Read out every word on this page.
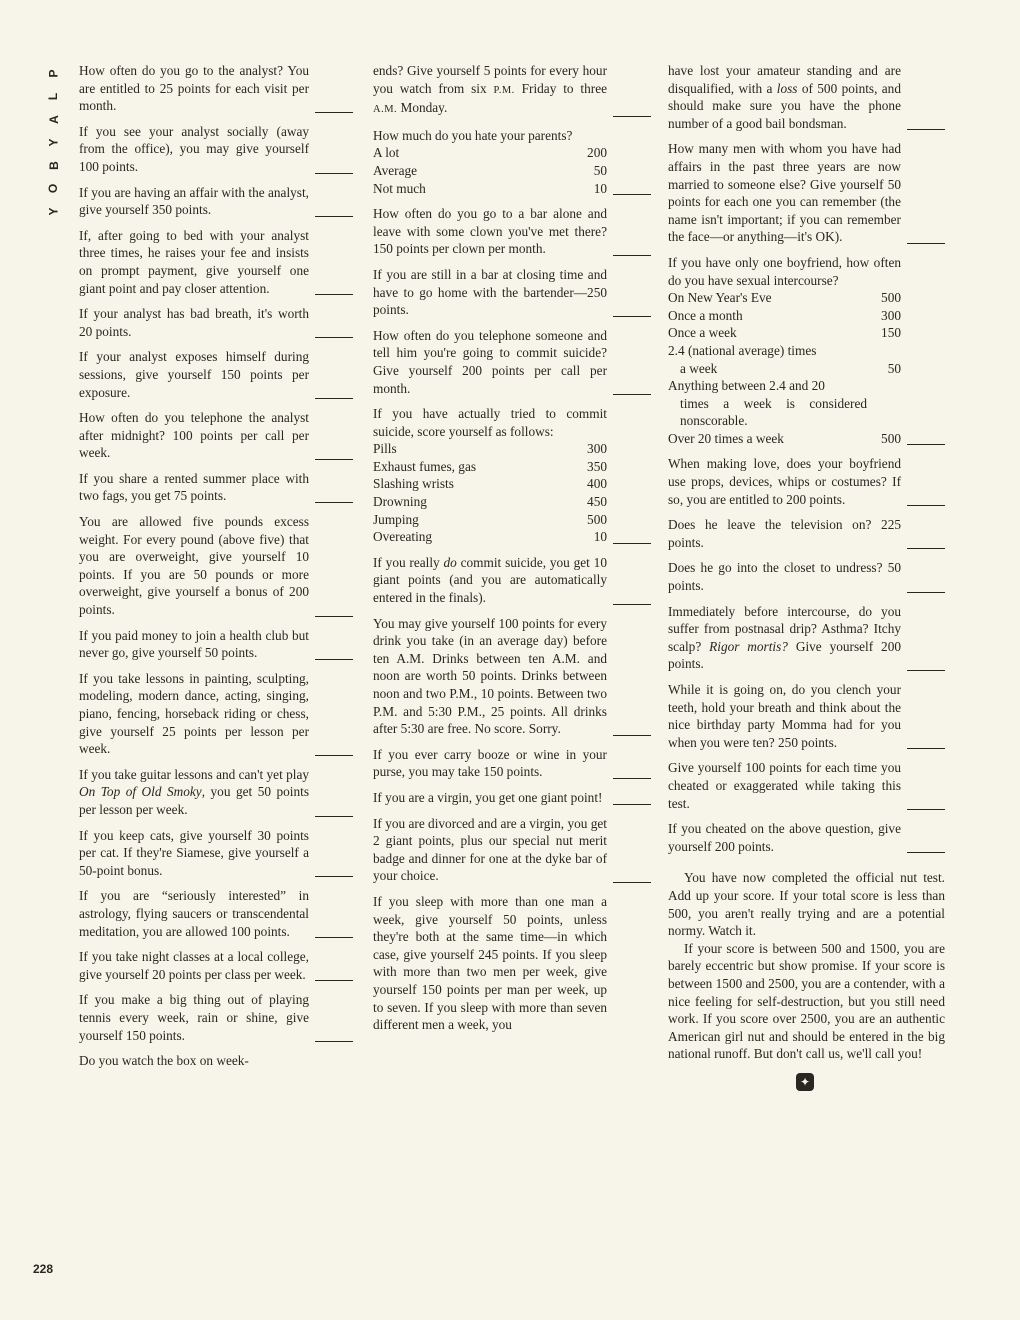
P
L
A
Y
B
O
Y
228

How often do you go to the analyst? You are entitled to 25 points for each visit per month.

If you see your analyst socially (away from the office), you may give yourself 100 points.

If you are having an affair with the analyst, give yourself 350 points.

If, after going to bed with your analyst three times, he raises your fee and insists on prompt payment, give yourself one giant point and pay closer attention.

If your analyst has bad breath, it's worth 20 points.

If your analyst exposes himself during sessions, give yourself 150 points per exposure.

How often do you telephone the analyst after midnight? 100 points per call per week.

If you share a rented summer place with two fags, you get 75 points.

You are allowed five pounds excess weight. For every pound (above five) that you are overweight, give yourself 10 points. If you are 50 pounds or more overweight, give yourself a bonus of 200 points.

If you paid money to join a health club but never go, give yourself 50 points.

If you take lessons in painting, sculpting, modeling, modern dance, acting, singing, piano, fencing, horseback riding or chess, give yourself 25 points per lesson per week.

If you take guitar lessons and can't yet play On Top of Old Smoky, you get 50 points per lesson per week.

If you keep cats, give yourself 30 points per cat. If they're Siamese, give yourself a 50-point bonus.

If you are “seriously interested” in astrology, flying saucers or transcendental meditation, you are allowed 100 points.

If you take night classes at a local college, give yourself 20 points per class per week.

If you make a big thing out of playing tennis every week, rain or shine, give yourself 150 points.

Do you watch the box on week-

ends? Give yourself 5 points for every hour you watch from six P.M. Friday to three A.M. Monday.

How much do you hate your parents?

A lot	200
Average	50
Not much	10

How often do you go to a bar alone and leave with some clown you've met there? 150 points per clown per month.

If you are still in a bar at closing time and have to go home with the bartender—250 points.

How often do you telephone someone and tell him you're going to commit suicide? Give yourself 200 points per call per month.

If you have actually tried to commit suicide, score yourself as follows:

Pills	300
Exhaust fumes, gas	350
Slashing wrists	400
Drowning	450
Jumping	500
Overeating	10

If you really do commit suicide, you get 10 giant points (and you are automatically entered in the finals).

You may give yourself 100 points for every drink you take (in an average day) before ten A.M. Drinks between ten A.M. and noon are worth 50 points. Drinks between noon and two P.M., 10 points. Between two P.M. and 5:30 P.M., 25 points. All drinks after 5:30 are free. No score. Sorry.

If you ever carry booze or wine in your purse, you may take 150 points.

If you are a virgin, you get one giant point!

If you are divorced and are a virgin, you get 2 giant points, plus our special nut merit badge and dinner for one at the dyke bar of your choice.

If you sleep with more than one man a week, give yourself 50 points, unless they're both at the same time—in which case, give yourself 245 points. If you sleep with more than two men per week, give yourself 150 points per man per week, up to seven. If you sleep with more than seven different men a week, you

have lost your amateur standing and are disqualified, with a loss of 500 points, and should make sure you have the phone number of a good bail bondsman.

How many men with whom you have had affairs in the past three years are now married to someone else? Give yourself 50 points for each one you can remember (the name isn't important; if you can remember the face—or anything—it's OK).

If you have only one boyfriend, how often do you have sexual intercourse?

On New Year's Eve	500
Once a month	300
Once a week	150
2.4 (national average) times
a week	50
Anything between 2.4 and 20
times a week is considered nonscorable.
Over 20 times a week	500

When making love, does your boyfriend use props, devices, whips or costumes? If so, you are entitled to 200 points.

Does he leave the television on? 225 points.

Does he go into the closet to undress? 50 points.

Immediately before intercourse, do you suffer from postnasal drip? Asthma? Itchy scalp? Rigor mortis? Give yourself 200 points.

While it is going on, do you clench your teeth, hold your breath and think about the nice birthday party Momma had for you when you were ten? 250 points.

Give yourself 100 points for each time you cheated or exaggerated while taking this test.

If you cheated on the above question, give yourself 200 points.

You have now completed the official nut test. Add up your score. If your total score is less than 500, you aren't really trying and are a potential normy. Watch it.

If your score is between 500 and 1500, you are barely eccentric but show promise. If your score is between 1500 and 2500, you are a contender, with a nice feeling for self-destruction, but you still need work. If you score over 2500, you are an authentic American girl nut and should be entered in the big national runoff. But don't call us, we'll call you!

✦
